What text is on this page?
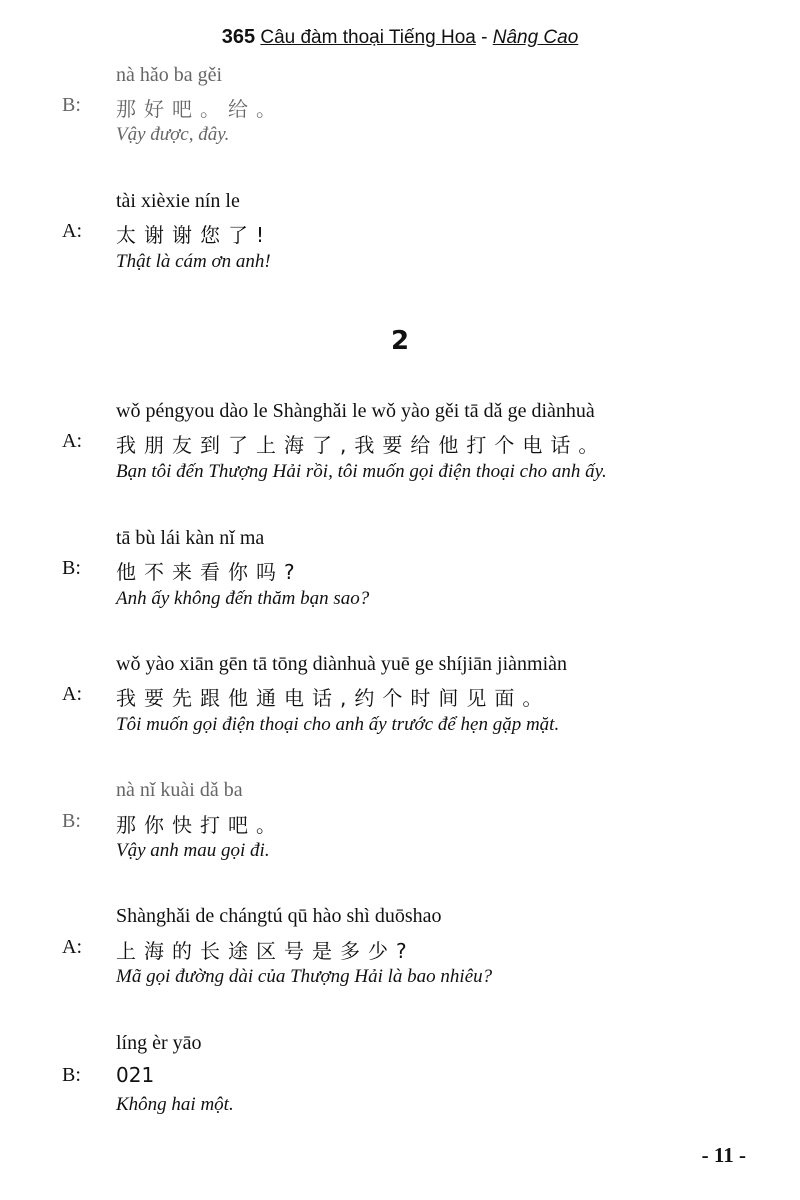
365 Câu đàm thoại Tiếng Hoa - Nâng Cao
nà hǎo ba gěi
B: 那好吧。给。
Vậy được, đây.
tài xièxie nín le
A: 太谢谢您了!
Thật là cám ơn anh!
2
wǒ péngyou dào le Shànghǎi le wǒ yào gěi tā dǎ ge diànhuà
A: 我朋友到了上海了,我要给他打个电话。
Bạn tôi đến Thượng Hải rồi, tôi muốn gọi điện thoại cho anh ấy.
tā bù lái kàn nǐ ma
B: 他不来看你吗?
Anh ấy không đến thăm bạn sao?
wǒ yào xiān gēn tā tōng diànhuà yuē ge shíjiān jiànmiàn
A: 我要先跟他通电话,约个时间见面。
Tôi muốn gọi điện thoại cho anh ấy trước để hẹn gặp mặt.
nà nǐ kuài dǎ ba
B: 那你快打吧。
Vậy anh mau gọi đi.
Shànghǎi de chángtú qū hào shì duōshao
A: 上海的长途区号是多少?
Mã gọi đường dài của Thượng Hải là bao nhiêu?
líng èr yāo
B: 021
Không hai một.
- 11 -
